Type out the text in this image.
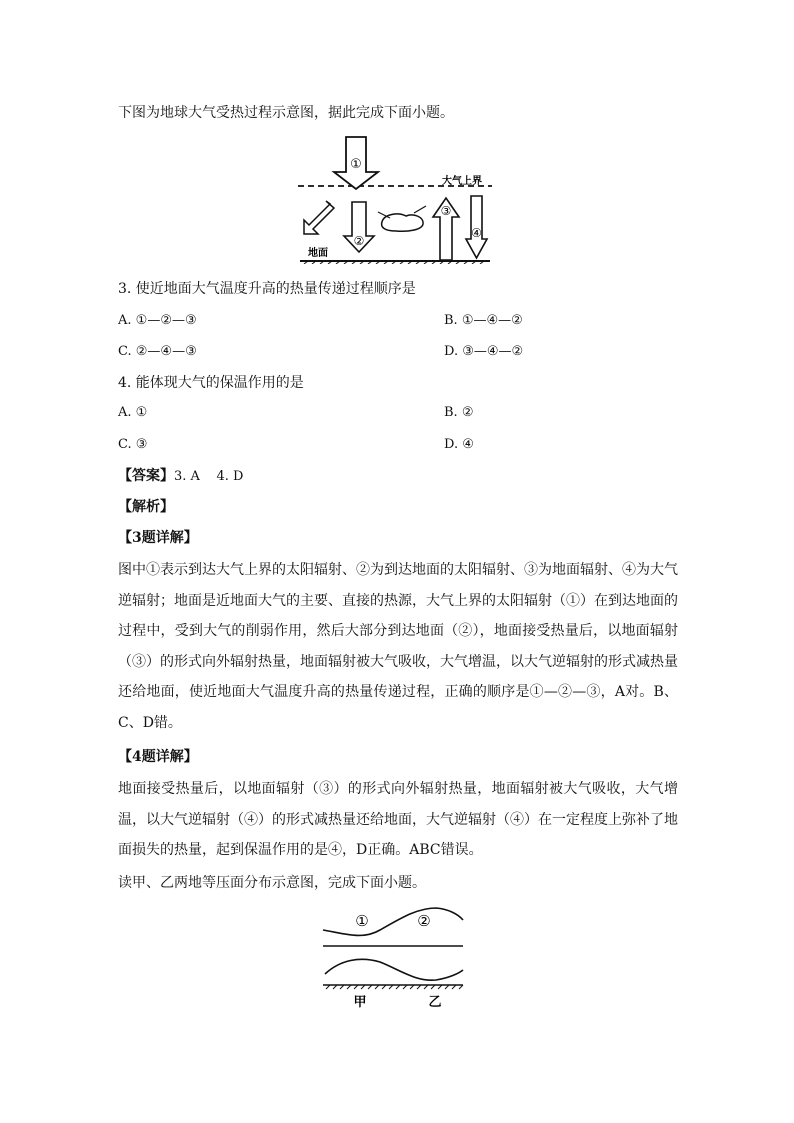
下图为地球大气受热过程示意图，据此完成下面小题。
①
②
③
④
大气上界
地面
3. 使近地面大气温度升高的热量传递过程顺序是
A. ①—②—③	B. ①—④—②
C. ②—④—③	D. ③—④—②
4. 能体现大气的保温作用的是
A. ①	B. ②
C. ③	D. ④
【答案】3. A    4. D
【解析】
【3题详解】
图中①表示到达大气上界的太阳辐射、②为到达地面的太阳辐射、③为地面辐射、④为大气逆辐射；地面是近地面大气的主要、直接的热源，大气上界的太阳辐射（①）在到达地面的过程中，受到大气的削弱作用，然后大部分到达地面（②），地面接受热量后，以地面辐射（③）的形式向外辐射热量，地面辐射被大气吸收，大气增温，以大气逆辐射的形式减热量还给地面，使近地面大气温度升高的热量传递过程，正确的顺序是①—②—③，A对。B、C、D错。
【4题详解】
地面接受热量后，以地面辐射（③）的形式向外辐射热量，地面辐射被大气吸收，大气增温，以大气逆辐射（④）的形式减热量还给地面，大气逆辐射（④）在一定程度上弥补了地面损失的热量，起到保温作用的是④，D正确。ABC错误。
读甲、乙两地等压面分布示意图，完成下面小题。
①	②
甲	乙
